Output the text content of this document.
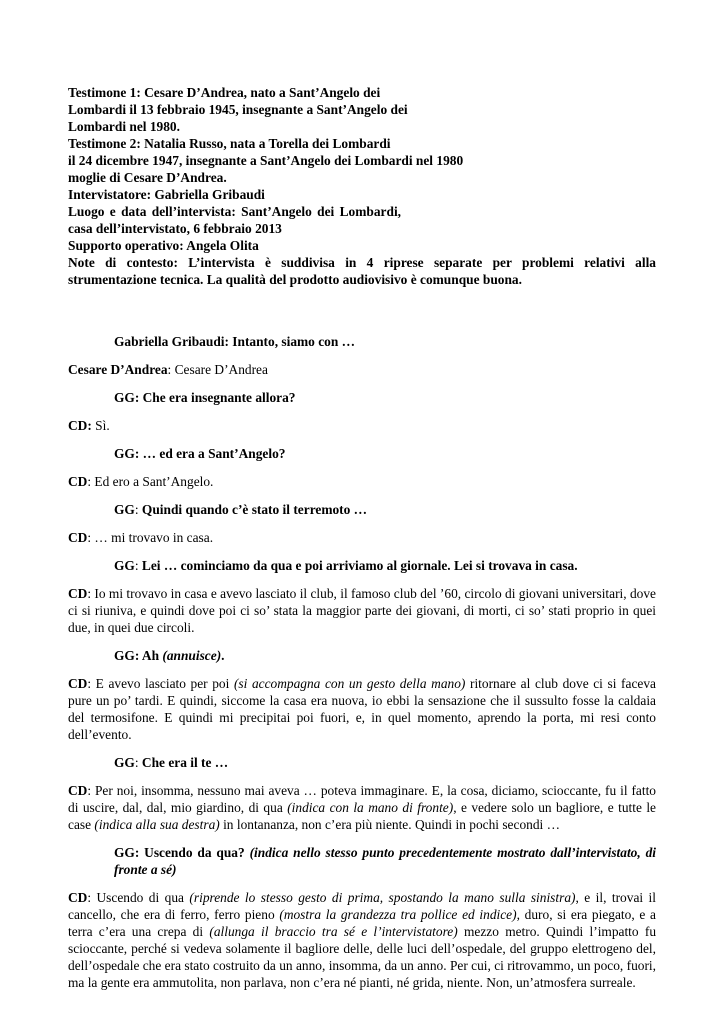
Testimone 1: Cesare D’Andrea, nato a Sant’Angelo dei

Lombardi il 13 febbraio 1945, insegnante a Sant’Angelo dei

Lombardi nel 1980.

Testimone 2: Natalia Russo, nata a Torella dei Lombardi

il 24 dicembre 1947, insegnante a Sant’Angelo dei Lombardi nel 1980

moglie di Cesare D’Andrea.

Intervistatore: Gabriella Gribaudi

Luogo e data dell’intervista: Sant’Angelo dei Lombardi,

casa dell’intervistato, 6 febbraio 2013

Supporto operativo: Angela Olita

Note di contesto: L’intervista è suddivisa in 4 riprese separate per problemi relativi alla strumentazione tecnica. La qualità del prodotto audiovisivo è comunque buona.

Gabriella Gribaudi: Intanto, siamo con …

Cesare D’Andrea: Cesare D’Andrea

GG: Che era insegnante allora?

CD: Sì.

GG: … ed era a Sant’Angelo?

CD: Ed ero a Sant’Angelo.

GG: Quindi quando c’è stato il terremoto …

CD: … mi trovavo in casa.

GG: Lei … cominciamo da qua e poi arriviamo al giornale. Lei si trovava in casa.

CD: Io mi trovavo in casa e avevo lasciato il club, il famoso club del ’60, circolo di giovani universitari, dove ci si riuniva, e quindi dove poi ci so’ stata la maggior parte dei giovani, di morti, ci so’ stati proprio in quei due, in quei due circoli.

GG: Ah (annuisce).

CD: E avevo lasciato per poi (si accompagna con un gesto della mano) ritornare al club dove ci si faceva pure un po’ tardi. E quindi, siccome la casa era nuova, io ebbi la sensazione che il sussulto fosse la caldaia del termosifone. E quindi mi precipitai poi fuori, e, in quel momento, aprendo la porta, mi resi conto dell’evento.

GG: Che era il te …

CD: Per noi, insomma, nessuno mai aveva … poteva immaginare. E, la cosa, diciamo, scioccante, fu il fatto di uscire, dal, dal, mio giardino, di qua (indica con la mano di fronte), e vedere solo un bagliore, e tutte le case (indica alla sua destra) in lontananza, non c’era più niente. Quindi in pochi secondi …

GG: Uscendo da qua? (indica nello stesso punto precedentemente mostrato dall’intervistato, di fronte a sé)

CD: Uscendo di qua (riprende lo stesso gesto di prima, spostando la mano sulla sinistra), e il, trovai il cancello, che era di ferro, ferro pieno (mostra la grandezza tra pollice ed indice), duro, si era piegato, e a terra c’era una crepa di (allunga il braccio tra sé e l’intervistatore) mezzo metro. Quindi l’impatto fu scioccante, perché si vedeva solamente il bagliore delle, delle luci dell’ospedale, del gruppo elettrogeno del, dell’ospedale che era stato costruito da un anno, insomma, da un anno. Per cui, ci ritrovammo, un poco, fuori, ma la gente era ammutolita, non parlava, non c’era né pianti, né grida, niente. Non, un’atmosfera surreale.
